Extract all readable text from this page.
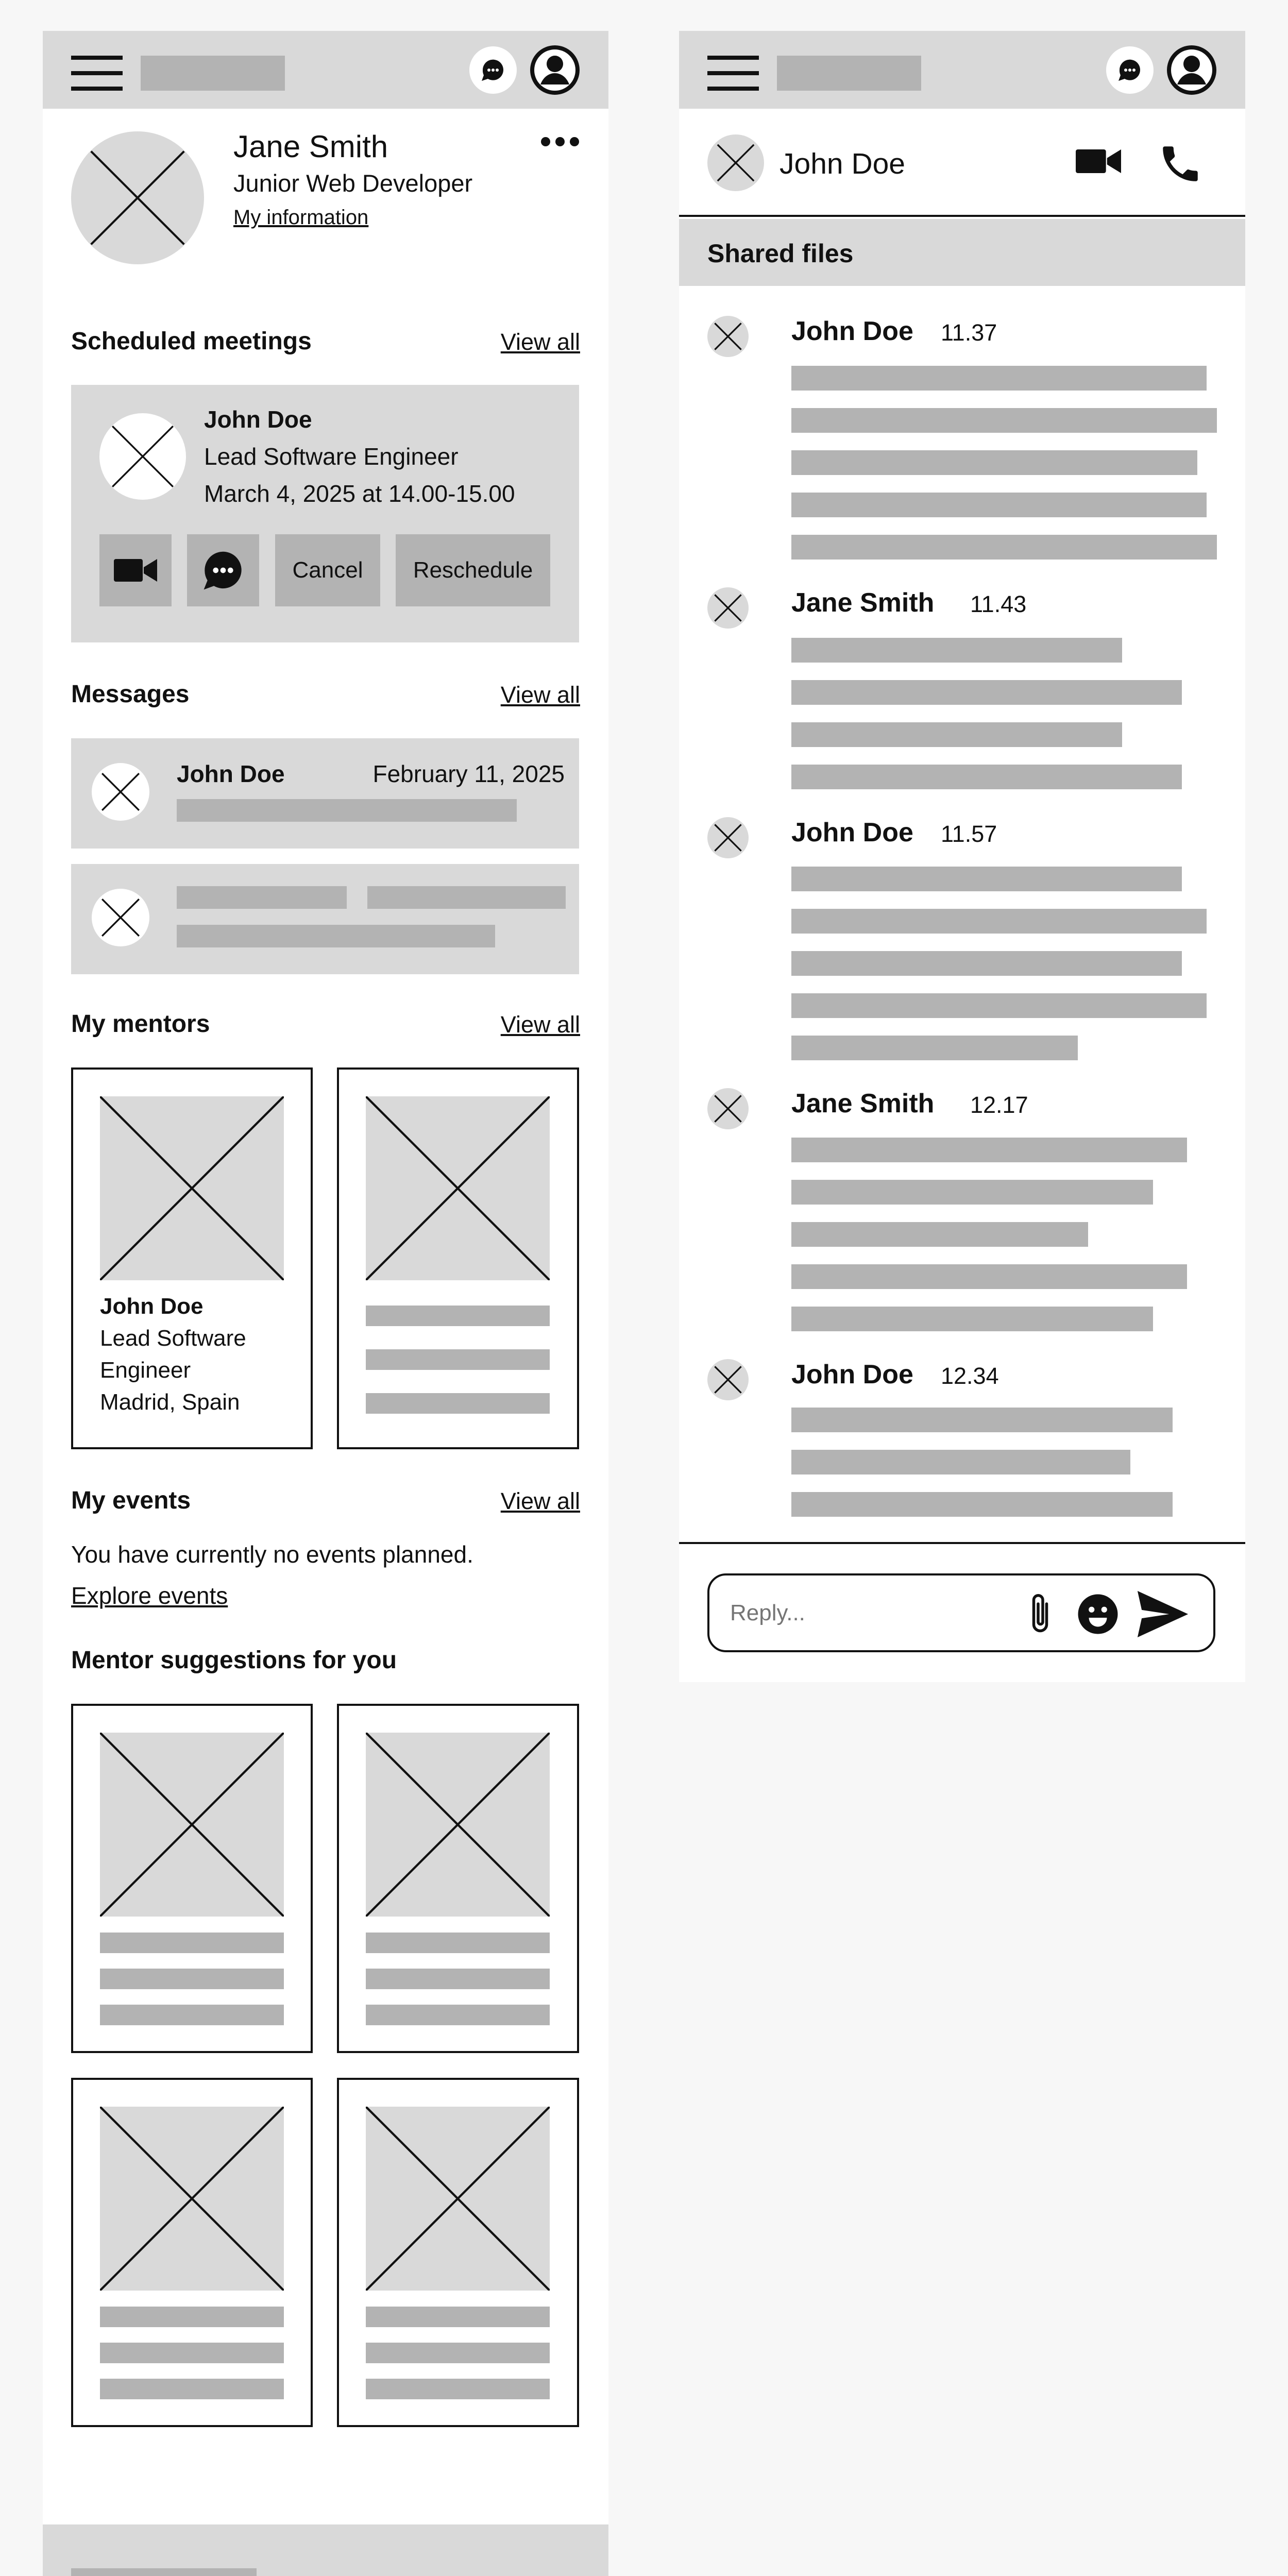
Jane Smith
Junior Web Developer
My information
Scheduled meetings	View all
John Doe
Lead Software Engineer
March 4, 2025 at 14.00-15.00
Cancel	Reschedule
Messages	View all
John Doe	February 11, 2025
My mentors	View all
John Doe
Lead Software
Engineer
Madrid, Spain
My events	View all
You have currently no events planned.
Explore events
Mentor suggestions for you
John Doe
Shared files
John Doe 11.37
Jane Smith 11.43
John Doe 11.57
Jane Smith 12.17
John Doe 12.34
Reply...
